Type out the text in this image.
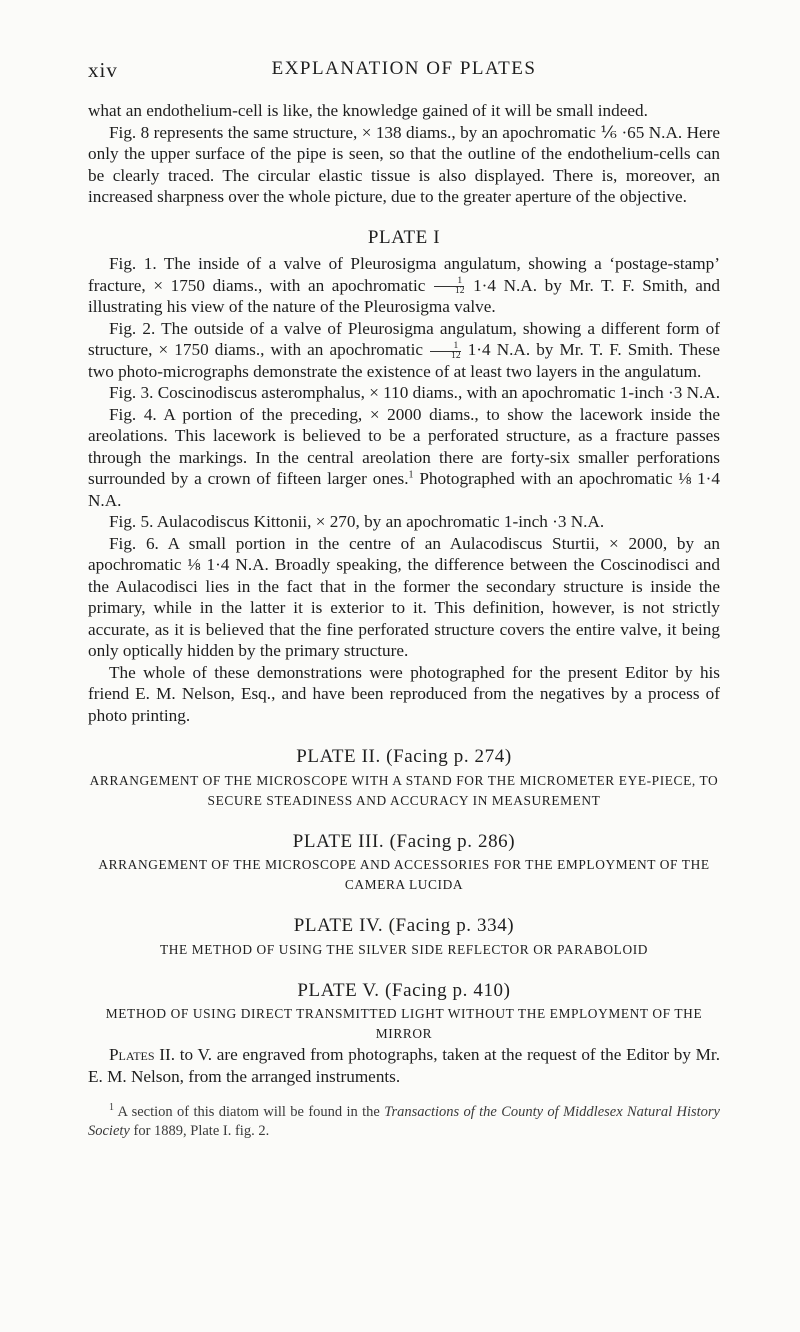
xiv	EXPLANATION OF PLATES

what an endothelium-cell is like, the knowledge gained of it will be small indeed.

Fig. 8 represents the same structure, × 138 diams., by an apochromatic ⅙ ·65 N.A. Here only the upper surface of the pipe is seen, so that the outline of the endothelium-cells can be clearly traced. The circular elastic tissue is also displayed. There is, moreover, an increased sharpness over the whole picture, due to the greater aperture of the objective.

PLATE I

Fig. 1. The inside of a valve of Pleurosigma angulatum, showing a ‘postage-stamp’ fracture, × 1750 diams., with an apochromatic $\frac{1}{12} 1\cdot 4$ N.A. by Mr. T. F. Smith, and illustrating his view of the nature of the Pleurosigma valve.

Fig. 2. The outside of a valve of Pleurosigma angulatum, showing a different form of structure, × 1750 diams., with an apochromatic $\frac{1}{12} 1\cdot 4$ N.A. by Mr. T. F. Smith. These two photo-micrographs demonstrate the existence of at least two layers in the angulatum.

Fig. 3. Coscinodiscus asteromphalus, × 110 diams., with an apochromatic 1-inch ·3 N.A.

Fig. 4. A portion of the preceding, × 2000 diams., to show the lacework inside the areolations. This lacework is believed to be a perforated structure, as a fracture passes through the markings. In the central areolation there are forty-six smaller perforations surrounded by a crown of fifteen larger ones.$^1$ Photographed with an apochromatic ⅛ 1·4 N.A.

Fig. 5. Aulacodiscus Kittonii, × 270, by an apochromatic 1-inch ·3 N.A.

Fig. 6. A small portion in the centre of an Aulacodiscus Sturtii, × 2000, by an apochromatic ⅛ 1·4 N.A. Broadly speaking, the difference between the Coscinodisci and the Aulacodisci lies in the fact that in the former the secondary structure is inside the primary, while in the latter it is exterior to it. This definition, however, is not strictly accurate, as it is believed that the fine perforated structure covers the entire valve, it being only optically hidden by the primary structure.

The whole of these demonstrations were photographed for the present Editor by his friend E. M. Nelson, Esq., and have been reproduced from the negatives by a process of photo printing.

PLATE II. (Facing p. 274)
ARRANGEMENT OF THE MICROSCOPE WITH A STAND FOR THE MICROMETER EYE-PIECE, TO SECURE STEADINESS AND ACCURACY IN MEASUREMENT
PLATE III. (Facing p. 286)
ARRANGEMENT OF THE MICROSCOPE AND ACCESSORIES FOR THE EMPLOYMENT OF THE CAMERA LUCIDA
PLATE IV. (Facing p. 334)
THE METHOD OF USING THE SILVER SIDE REFLECTOR OR PARABOLOID
PLATE V. (Facing p. 410)
METHOD OF USING DIRECT TRANSMITTED LIGHT WITHOUT THE EMPLOYMENT OF THE MIRROR

Plates II. to V. are engraved from photographs, taken at the request of the Editor by Mr. E. M. Nelson, from the arranged instruments.

$^1$ A section of this diatom will be found in the Transactions of the County of Middlesex Natural History Society for 1889, Plate I. fig. 2.
